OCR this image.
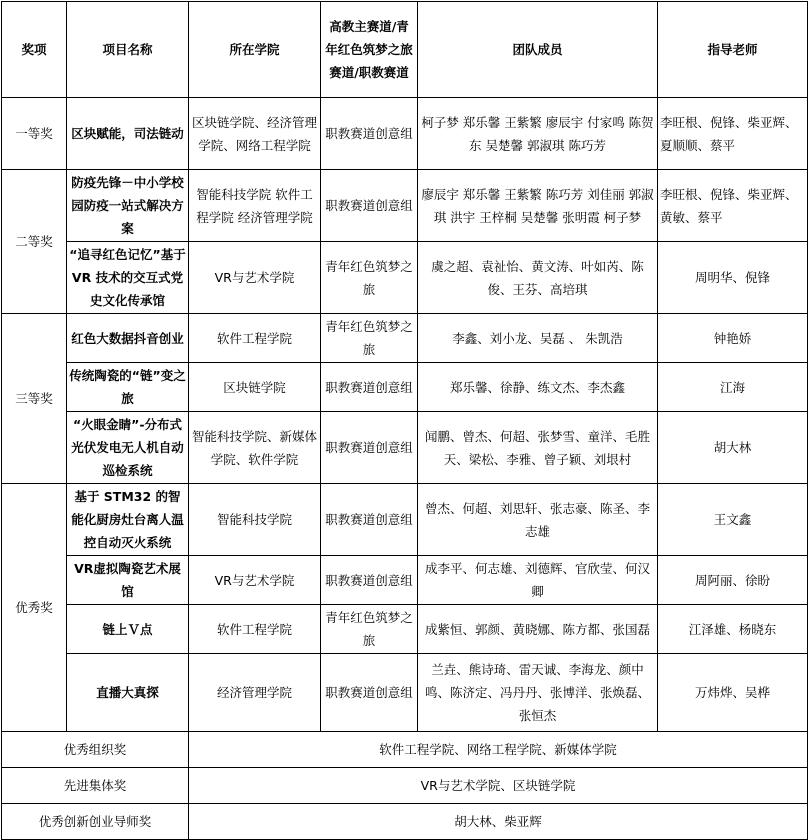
奖项	项目名称	所在学院	高教主赛道/青年红色筑梦之旅赛道/职教赛道	团队成员	指导老师
一等奖	区块赋能，司法链动	区块链学院、经济管理学院、网络工程学院	职教赛道创意组	柯子梦 郑乐馨 王紫繁 廖辰宇 付家鸣 陈贺东 吴楚馨 郭淑琪 陈巧芳	李旺根、倪锋、柴亚辉、夏顺顺、蔡平
二等奖	防疫先锋－中小学校园防疫一站式解决方案	智能科技学院 软件工程学院 经济管理学院	职教赛道创意组	廖辰宇 郑乐馨 王紫繁 陈巧芳 刘佳丽 郭淑琪 洪宇 王梓桐 吴楚馨 张明霞 柯子梦	李旺根、倪锋、柴亚辉、黄敏、蔡平
	“追寻红色记忆”基于 VR 技术的交互式党史文化传承馆	VR与艺术学院	青年红色筑梦之旅	虞之超、袁祉怡、黄文涛、叶如芮、陈俊、王芬、高培琪	周明华、倪锋
三等奖	红色大数据抖音创业	软件工程学院	青年红色筑梦之旅	李鑫、刘小龙、吴磊 、 朱凯浩	钟艳娇
	传统陶瓷的“链”变之旅	区块链学院	职教赛道创意组	郑乐馨、徐静、练文杰、李杰鑫	江海
	“火眼金睛”-分布式光伏发电无人机自动巡检系统	智能科技学院、新媒体学院、软件学院	职教赛道创意组	闻鹏、曾杰、何超、张梦雪、童洋、毛胜天、梁松、李雅、曾子颖、刘垠村	胡大林
优秀奖	基于 STM32 的智能化厨房灶台离人温控自动灭火系统	智能科技学院	职教赛道创意组	曾杰、何超、刘思轩、张志豪、陈圣、李志雄	王文鑫
	VR虚拟陶瓷艺术展馆	VR与艺术学院	职教赛道创意组	成李平、何志雄、刘德辉、官欣莹、何汉卿	周阿丽、徐盼
	链上Ｖ点	软件工程学院	青年红色筑梦之旅	成紫恒、郭颜、黄晓娜、陈方都、张国磊	江泽雄、杨晓东
	直播大真探	经济管理学院	职教赛道创意组	兰垚、熊诗琦、雷天诚、李海龙、颜中鸣、陈济定、冯丹丹、张博洋、张焕磊、张恒杰	万炜烨、吴桦
优秀组织奖		软件工程学院、网络工程学院、新媒体学院			
先进集体奖		VR与艺术学院、区块链学院			
优秀创新创业导师奖		胡大林、柴亚辉			
